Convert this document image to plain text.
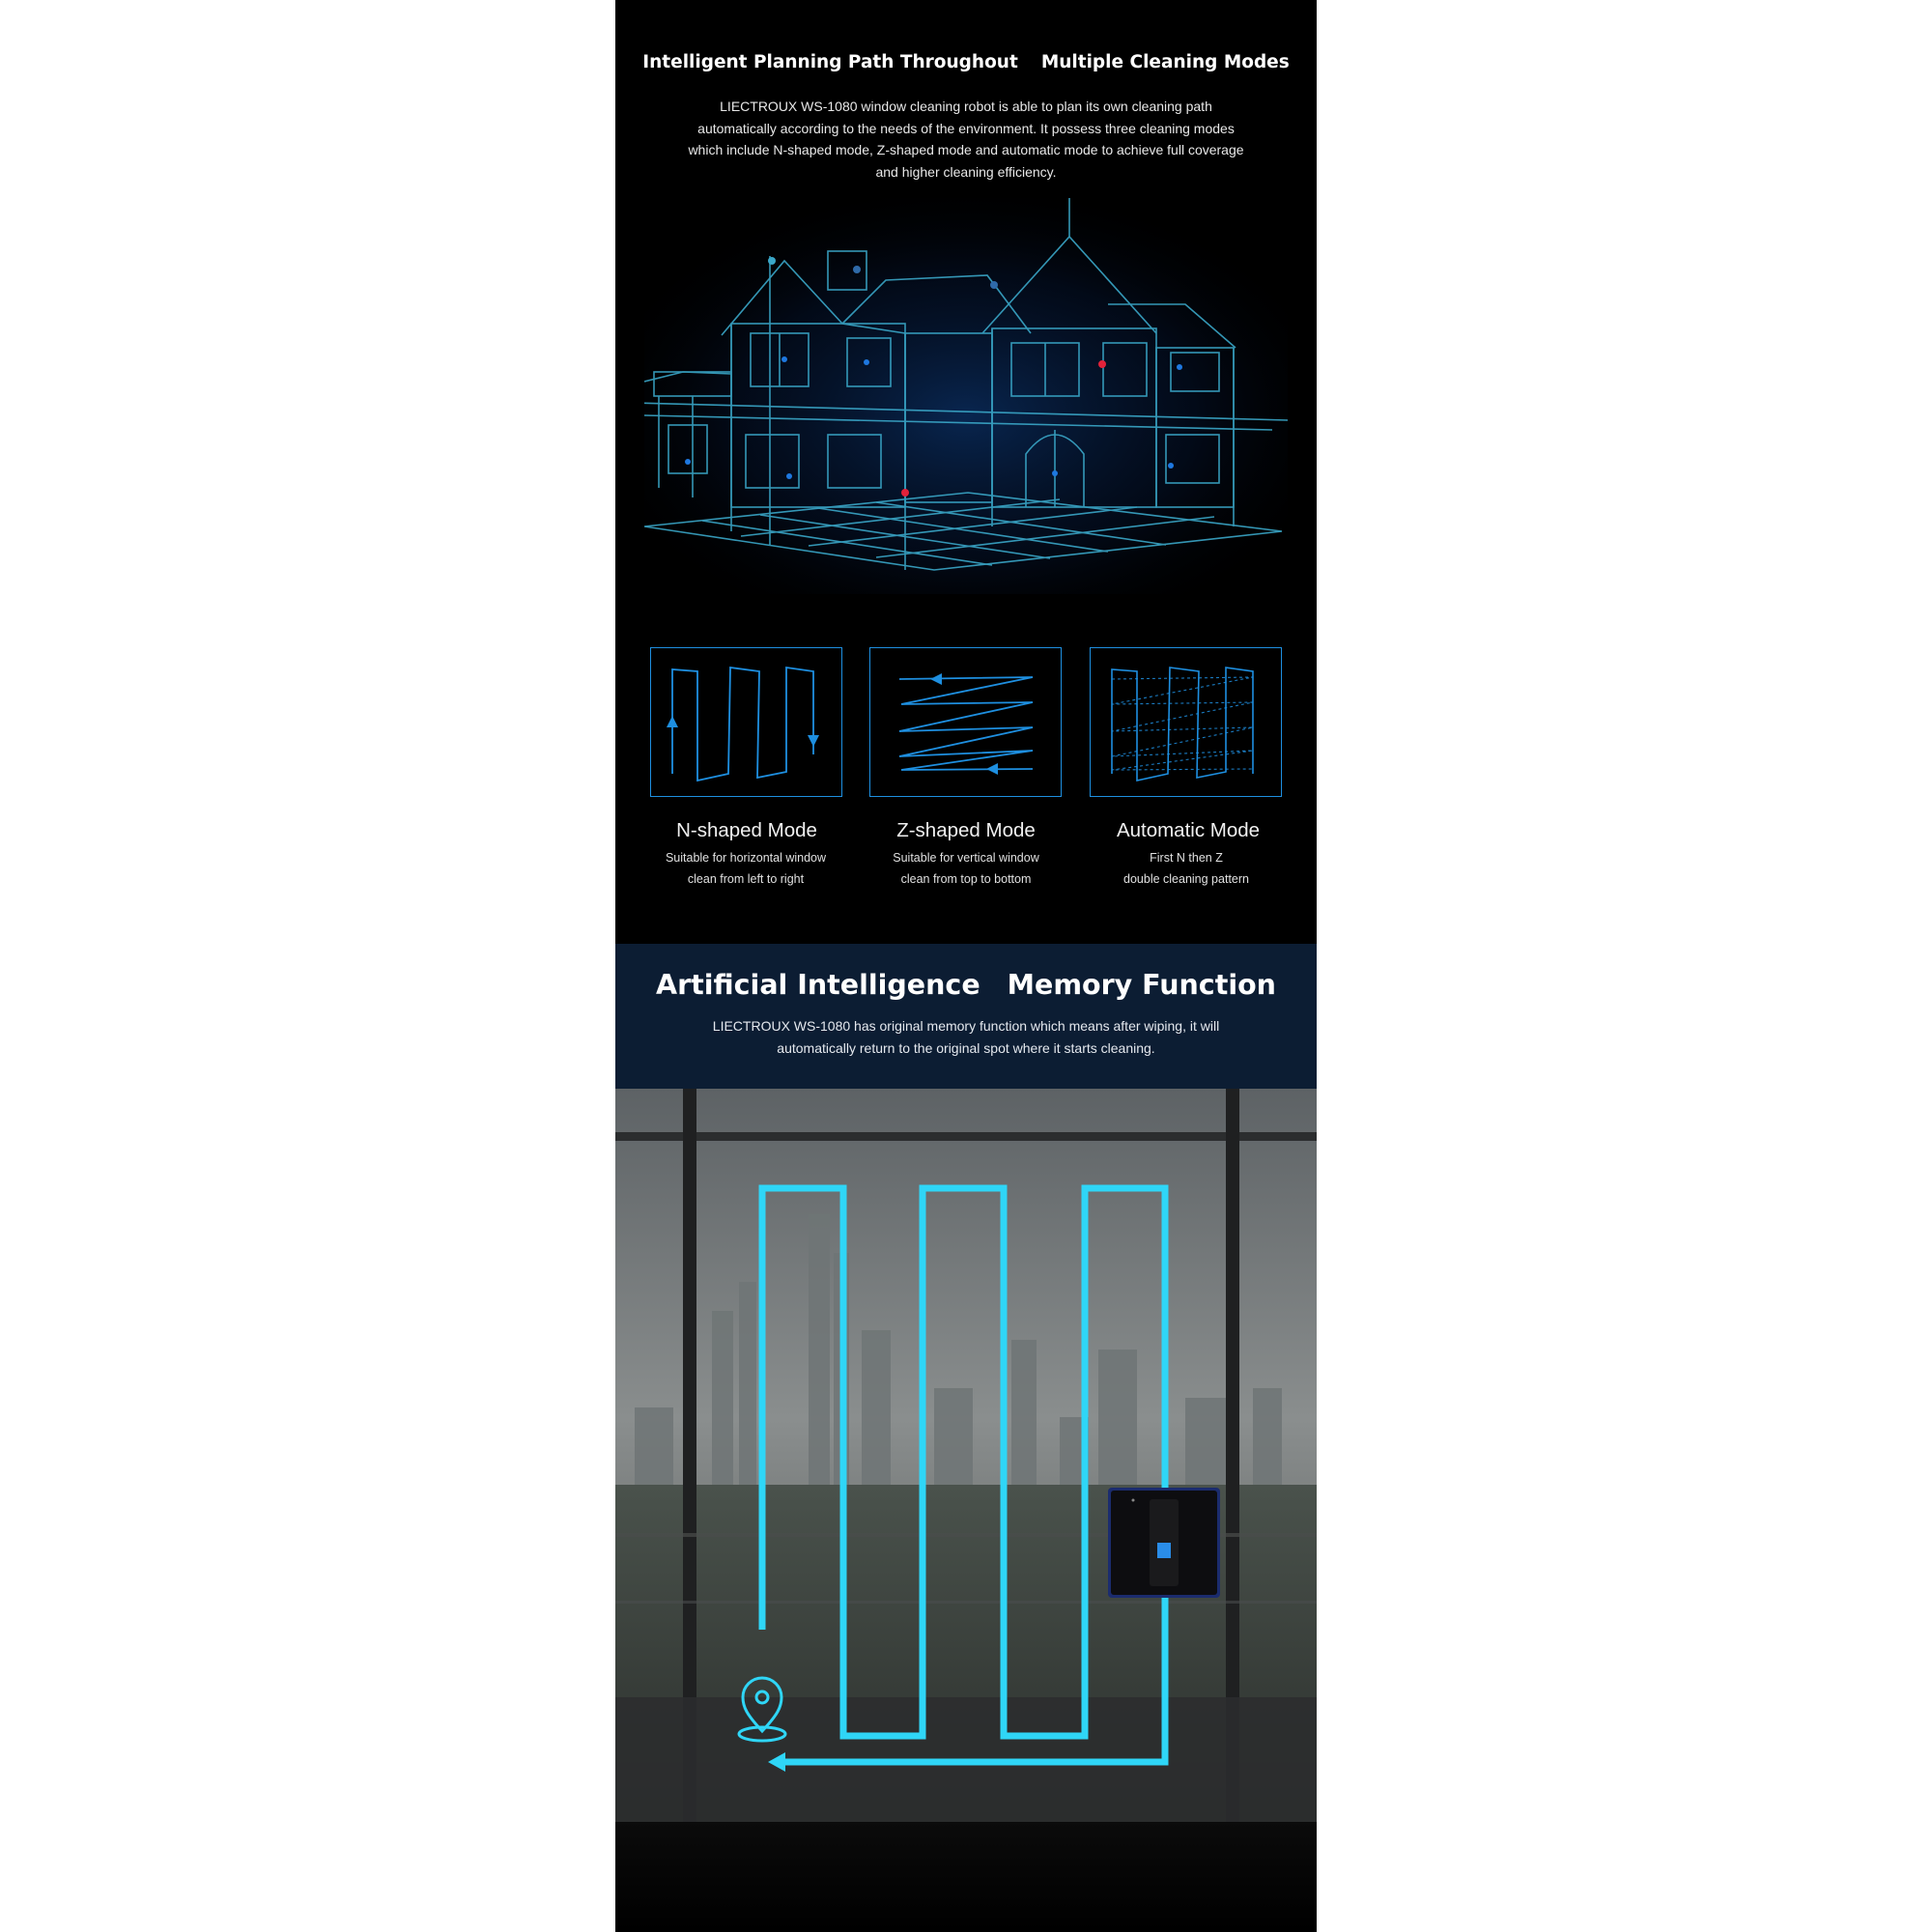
Intelligent Planning Path Throughout Multiple Cleaning Modes
LIECTROUX WS-1080 window cleaning robot is able to plan its own cleaning path automatically according to the needs of the environment. It possess three cleaning modes which include N-shaped mode, Z-shaped mode and automatic mode to achieve full coverage and higher cleaning efficiency.
N-shaped Mode
Suitable for horizontal window
clean from left to right
Z-shaped Mode
Suitable for vertical window
clean from top to bottom
Automatic Mode
First N then Z
double cleaning pattern
Artificial Intelligence Memory Function
LIECTROUX WS-1080 has original memory function which means after wiping, it will automatically return to the original spot where it starts cleaning.
